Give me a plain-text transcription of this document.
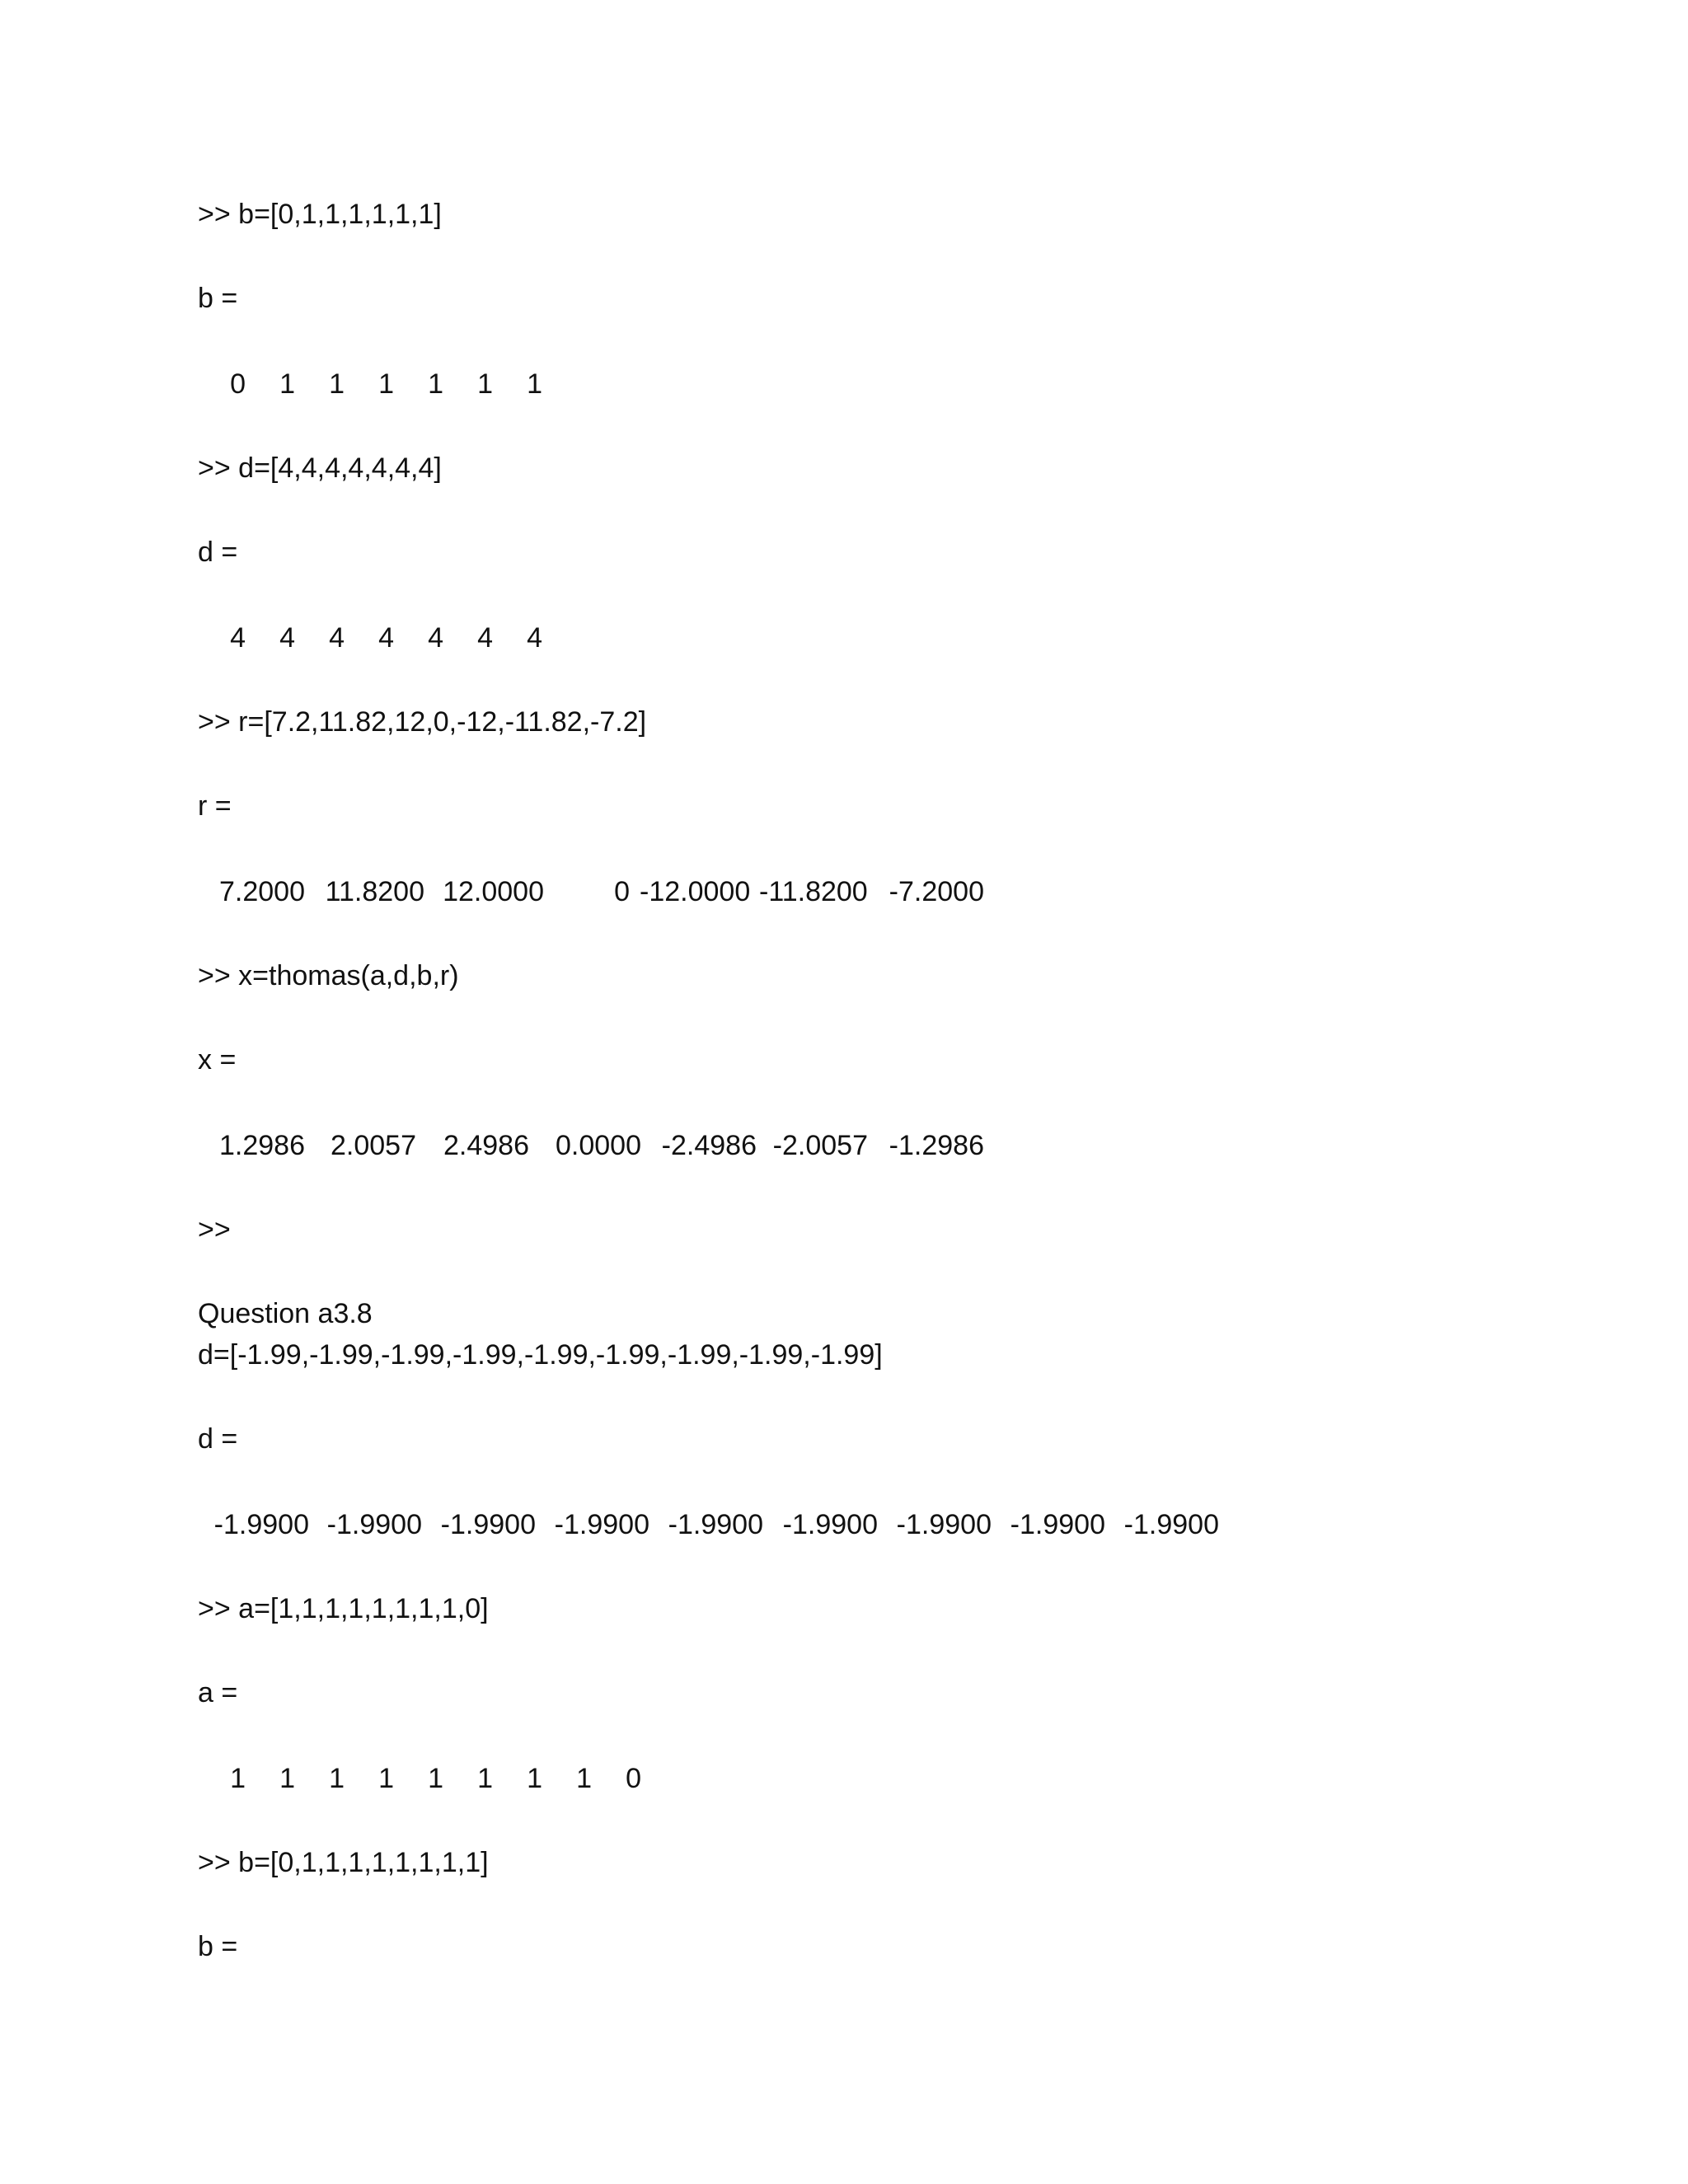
>> b=[0,1,1,1,1,1,1]
b =
0	1	1	1	1	1	1
>> d=[4,4,4,4,4,4,4]
d =
4	4	4	4	4	4	4
>> r=[7.2,11.82,12,0,-12,-11.82,-7.2]
r =
7.2000 11.8200 12.0000	0 -12.0000 -11.8200 -7.2000
>> x=thomas(a,d,b,r)
x =
1.2986 2.0057 2.4986 0.0000 -2.4986 -2.0057 -1.2986
>>
Question a3.8
d=[-1.99,-1.99,-1.99,-1.99,-1.99,-1.99,-1.99,-1.99,-1.99]
d =
-1.9900 -1.9900 -1.9900 -1.9900 -1.9900 -1.9900 -1.9900 -1.9900 -1.9900
>> a=[1,1,1,1,1,1,1,1,0]
a =
1	1	1	1	1	1	1	1	0
>> b=[0,1,1,1,1,1,1,1,1]
b =
